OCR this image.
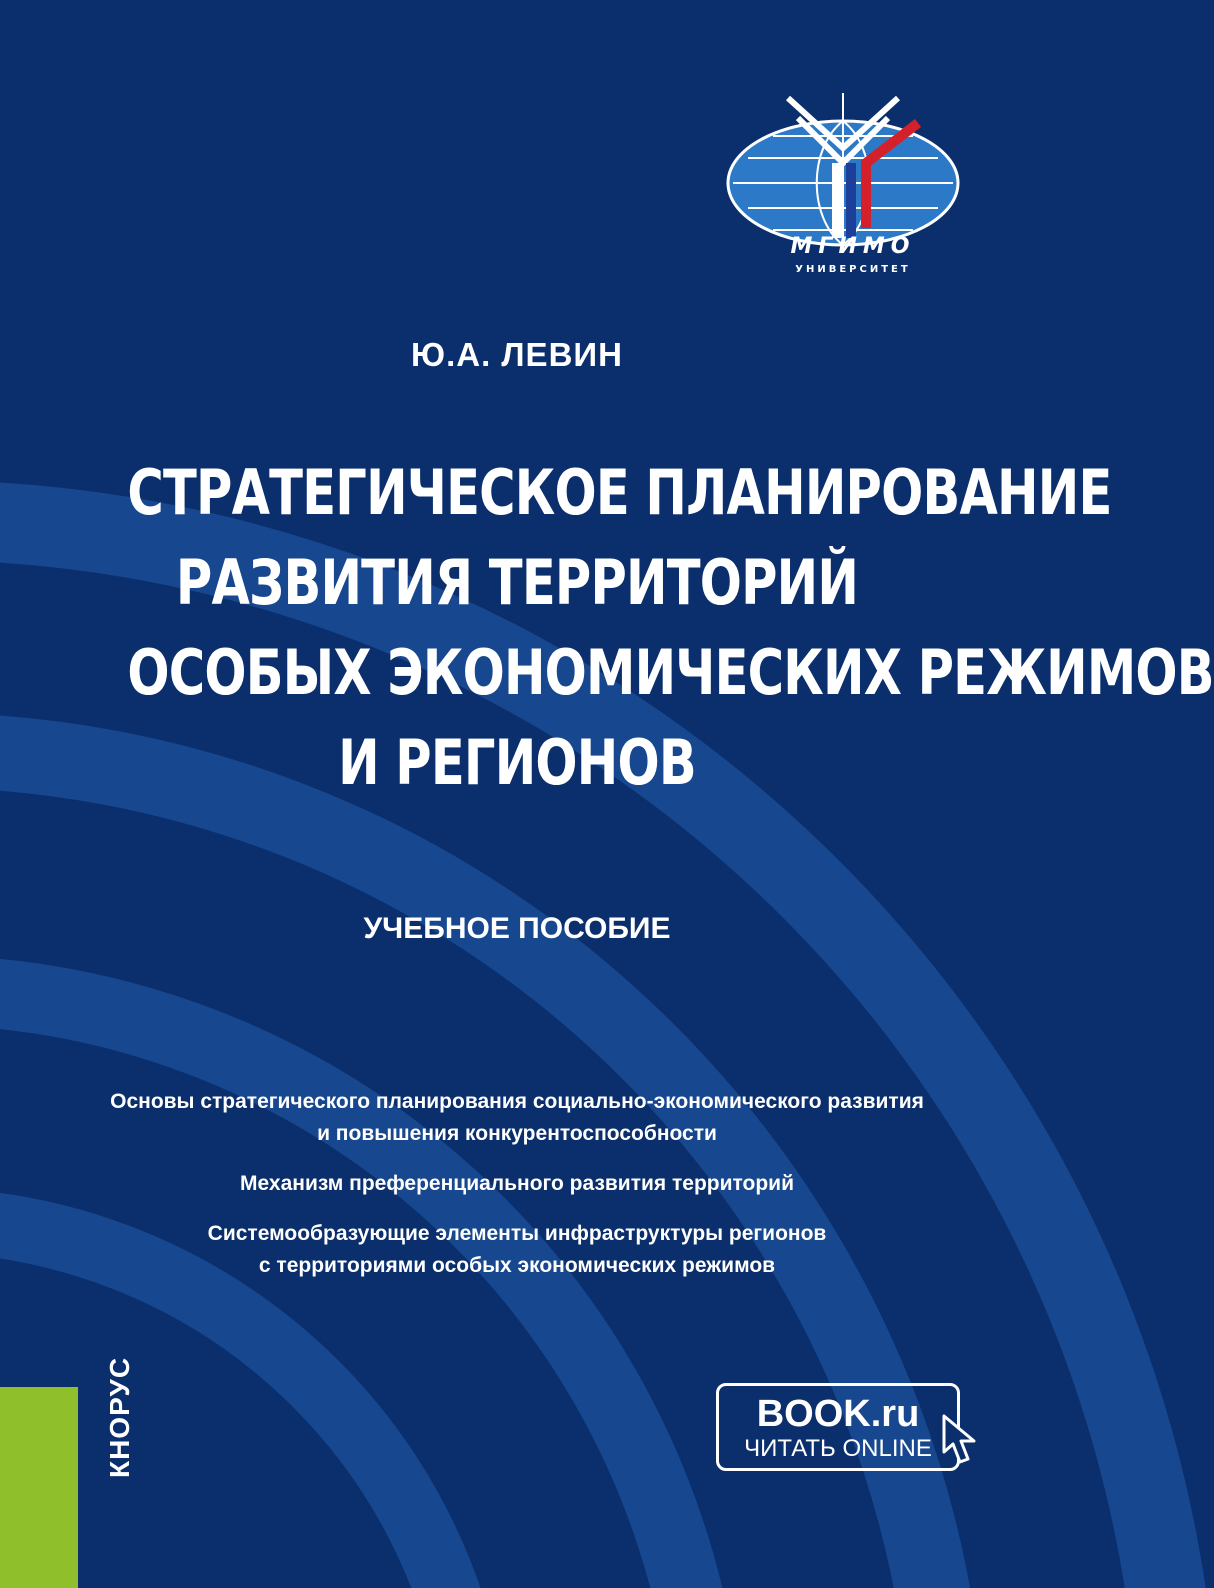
МГИМО
УНИВЕРСИТЕТ
Ю.А. ЛЕВИН
СТРАТЕГИЧЕСКОЕ ПЛАНИРОВАНИЕ
РАЗВИТИЯ ТЕРРИТОРИЙ
ОСОБЫХ ЭКОНОМИЧЕСКИХ РЕЖИМОВ
И РЕГИОНОВ
УЧЕБНОЕ ПОСОБИЕ
Основы стратегического планирования социально-экономического развития
и повышения конкурентоспособности
Механизм преференциального развития территорий
Системообразующие элементы инфраструктуры регионов
с территориями особых экономических режимов
КНОРУС	BOOK.ru
ЧИТАТЬ ONLINE
